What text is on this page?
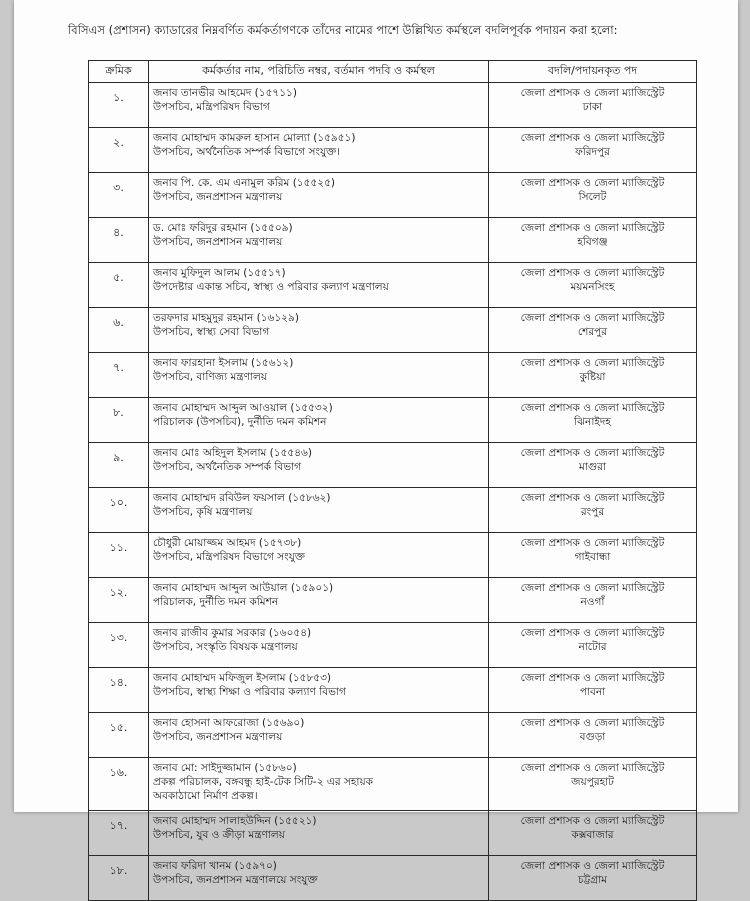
বিসিএস (প্রশাসন) ক্যাডারের নিম্নবর্ণিত কর্মকর্তাগণকে তাঁদের নামের পাশে উল্লিখিত কর্মস্থলে বদলিপূর্বক পদায়ন করা হলো:
ক্রমিক	কর্মকর্তার নাম, পরিচিতি নম্বর, বর্তমান পদবি ও কর্মস্থল	বদলি/পদায়নকৃত পদ
১.	জনাব তানভীর আহমেদ (১৫৭১১)
উপসচিব, মন্ত্রিপরিষদ বিভাগ	জেলা প্রশাসক ও জেলা ম্যাজিস্ট্রেট
ঢাকা

২.	জনাব মোহাম্মদ কামরুল হাসান মোল্যা (১৫৯৫১)
উপসচিব, অর্থনৈতিক সম্পর্ক বিভাগে সংযুক্ত।	জেলা প্রশাসক ও জেলা ম্যাজিস্ট্রেট
ফরিদপুর

৩.	জনাব পি. কে. এম এনামুল করিম (১৫৫২৫)
উপসচিব, জনপ্রশাসন মন্ত্রণালয়	জেলা প্রশাসক ও জেলা ম্যাজিস্ট্রেট
সিলেট

৪.	ড. মোঃ ফরিদুর রহমান (১৫৫০৯)
উপসচিব, জনপ্রশাসন মন্ত্রণালয়	জেলা প্রশাসক ও জেলা ম্যাজিস্ট্রেট
হবিগঞ্জ

৫.	জনাব মুফিদুল আলম (১৫৫১৭)
উপদেষ্টার একান্ত সচিব, স্বাস্থ্য ও পরিবার কল্যাণ মন্ত্রণালয়	জেলা প্রশাসক ও জেলা ম্যাজিস্ট্রেট
ময়মনসিংহ

৬.	তরফদার মাহমুদুর রহমান (১৬১২৯)
উপসচিব, স্বাস্থ্য সেবা বিভাগ	জেলা প্রশাসক ও জেলা ম্যাজিস্ট্রেট
শেরপুর

৭.	জনাব ফারহানা ইসলাম (১৫৬১২)
উপসচিব, বাণিজ্য মন্ত্রণালয়	জেলা প্রশাসক ও জেলা ম্যাজিস্ট্রেট
কুষ্টিয়া

৮.	জনাব মোহাম্মদ আব্দুল আওয়াল (১৫৫৩২)
পরিচালক (উপসচিব), দুর্নীতি দমন কমিশন	জেলা প্রশাসক ও জেলা ম্যাজিস্ট্রেট
ঝিনাইদহ

৯.	জনাব মোঃ অহিদুল ইসলাম (১৫৫৪৬)
উপসচিব, অর্থনৈতিক সম্পর্ক বিভাগ	জেলা প্রশাসক ও জেলা ম্যাজিস্ট্রেট
মাগুরা

১০.	জনাব মোহাম্মদ রবিউল ফয়সাল (১৫৮৬২)
উপসচিব, কৃষি মন্ত্রণালয়	জেলা প্রশাসক ও জেলা ম্যাজিস্ট্রেট
রংপুর

১১.	চৌধুরী মোয়াজ্জম আহমদ (১৫৭৩৮)
উপসচিব, মন্ত্রিপরিষদ বিভাগে সংযুক্ত	জেলা প্রশাসক ও জেলা ম্যাজিস্ট্রেট
গাইবান্ধা

১২.	জনাব মোহাম্মদ আব্দুল আউয়াল (১৫৯০১)
পরিচালক, দুর্নীতি দমন কমিশন	জেলা প্রশাসক ও জেলা ম্যাজিস্ট্রেট
নওগাঁ

১৩.	জনাব রাজীব কুমার সরকার (১৬০৫৪)
উপসচিব, সংস্কৃতি বিষয়ক মন্ত্রণালয়	জেলা প্রশাসক ও জেলা ম্যাজিস্ট্রেট
নাটোর

১৪.	জনাব মোহাম্মদ মফিজুল ইসলাম (১৫৮৫৩)
উপসচিব, স্বাস্থ্য শিক্ষা ও পরিবার কল্যাণ বিভাগ	জেলা প্রশাসক ও জেলা ম্যাজিস্ট্রেট
পাবনা

১৫.	জনাব হোসনা আফরোজা (১৫৬৯০)
উপসচিব, জনপ্রশাসন মন্ত্রণালয়	জেলা প্রশাসক ও জেলা ম্যাজিস্ট্রেট
বগুড়া

১৬.	জনাব মো: সাইদুজ্জামান (১৫৮৬০)
প্রকল্প পরিচালক, বঙ্গবন্ধু হাই-টেক সিটি-২ এর সহায়ক
অবকাঠামো নির্মাণ প্রকল্প।	জেলা প্রশাসক ও জেলা ম্যাজিস্ট্রেট
জয়পুরহাট

১৭.	জনাব মোহাম্মদ সালাহউদ্দিন (১৫৫২১)
উপসচিব, যুব ও ক্রীড়া মন্ত্রণালয়	জেলা প্রশাসক ও জেলা ম্যাজিস্ট্রেট
কক্সবাজার

১৮.	জনাব ফরিদা খানম (১৫৯৭০)
উপসচিব, জনপ্রশাসন মন্ত্রণালয়ে সংযুক্ত	জেলা প্রশাসক ও জেলা ম্যাজিস্ট্রেট
চট্টগ্রাম
